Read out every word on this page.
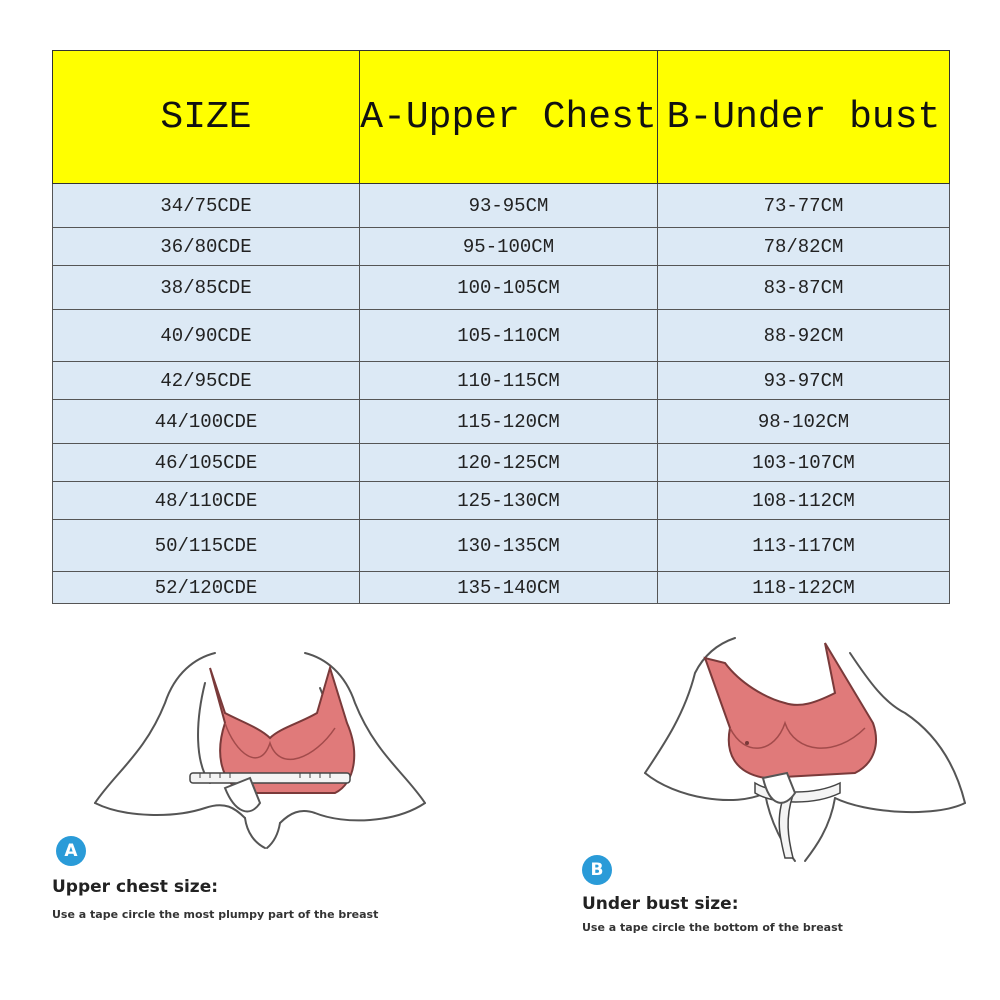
SIZE	A-Upper Chest	B-Under bust
34/75CDE	93-95CM	73-77CM
36/80CDE	95-100CM	78/82CM
38/85CDE	100-105CM	83-87CM
40/90CDE	105-110CM	88-92CM
42/95CDE	110-115CM	93-97CM
44/100CDE	115-120CM	98-102CM
46/105CDE	120-125CM	103-107CM
48/110CDE	125-130CM	108-112CM
50/115CDE	130-135CM	113-117CM
52/120CDE	135-140CM	118-122CM
A
Upper chest size:
Use a tape circle the most plumpy part of the breast
B
Under bust size:
Use a tape circle the bottom of the breast
